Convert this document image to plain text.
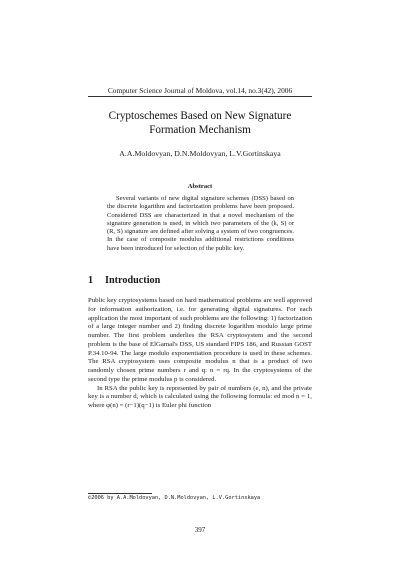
Computer Science Journal of Moldova, vol.14, no.3(42), 2006
Cryptoschemes Based on New Signature
Formation Mechanism
A.A.Moldovyan, D.N.Moldovyan, L.V.Gortinskaya
Abstract
Several variants of new digital signature schemes (DSS) based on the discrete logarithm and factorization problems have been proposed. Considered DSS are characterized in that a novel mechanism of the signature generation is used, in which two parameters of the (k, S) or (R, S) signature are defined after solving a system of two congruences. In the case of composite modulus additional restrictions conditions have been introduced for selection of the public key.
1 Introduction

Public key cryptosystems based on hard mathematical problems are well approved for information authorization, i.e. for generating digital signatures. For each application the most important of such problems are the following: 1) factorization of a large integer number and 2) finding discrete logarithm modulo large prime number. The first problem underlies the RSA cryptosystem and the second problem is the base of ElGamal's DSS, US standard FIPS 186, and Russian GOST P.34.10-94. The large modulo exponentiation procedure is used in these schemes. The RSA cryptosystem uses composite modulus n that is a product of two randomly chosen prime numbers r and q: n = rq. In the cryptosystems of the second type the prime modulus p is considered.

In RSA the public key is represented by pair of numbers (e, n), and the private key is a number d, which is calculated using the following formula: ed mod n = 1, where φ(n) = (r−1)(q−1) is Euler phi function

©2006 by A.A.Moldovyan, D.N.Moldovyan, L.V.Gortinskaya
397
